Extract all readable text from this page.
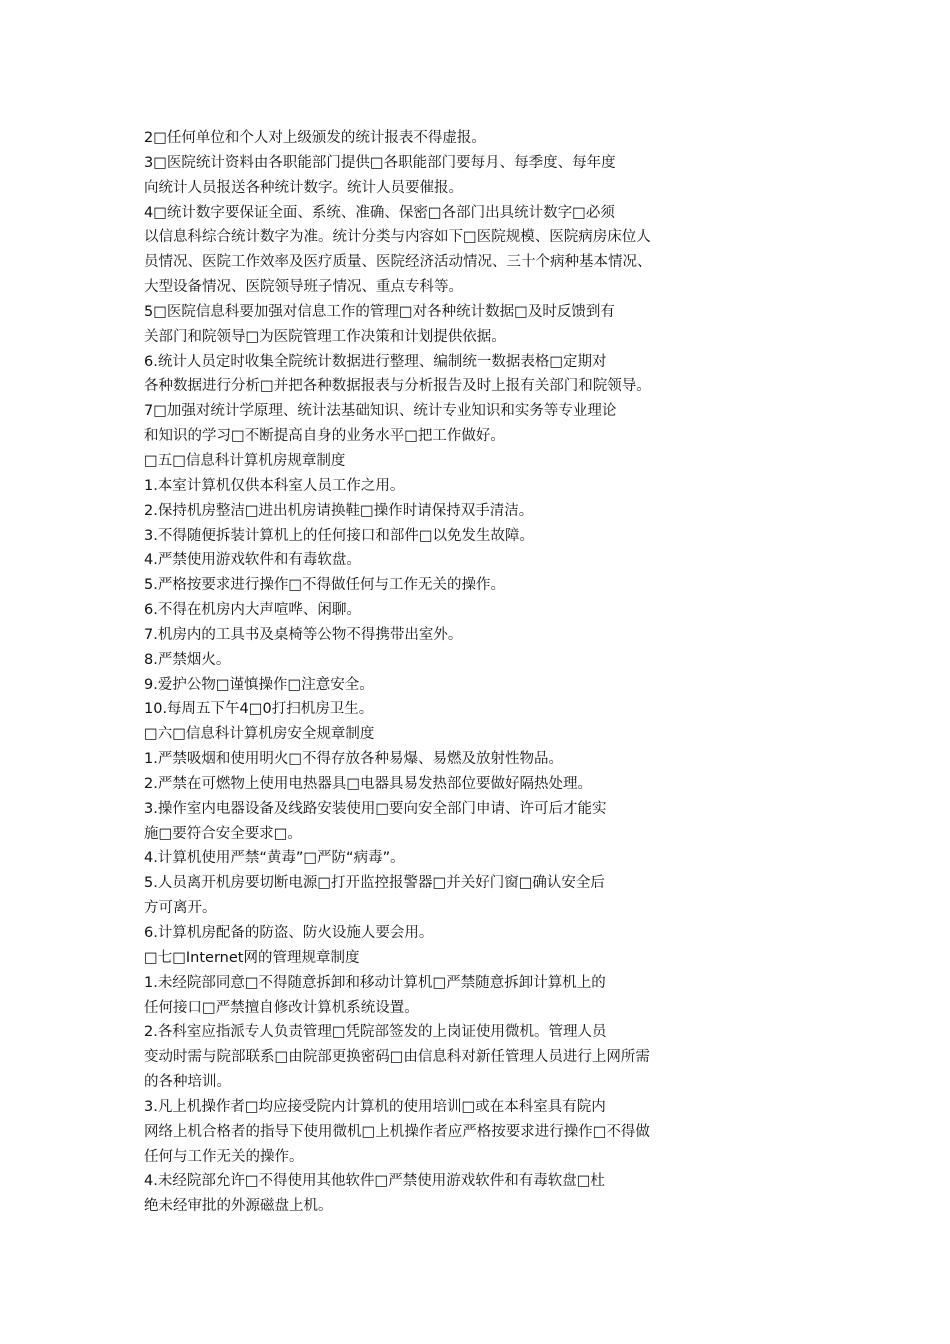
2□任何单位和个人对上级颁发的统计报表不得虚报。
3□医院统计资料由各职能部门提供□各职能部门要每月、每季度、每年度
向统计人员报送各种统计数字。统计人员要催报。
4□统计数字要保证全面、系统、准确、保密□各部门出具统计数字□必须
以信息科综合统计数字为准。统计分类与内容如下□医院规模、医院病房床位人
员情况、医院工作效率及医疗质量、医院经济活动情况、三十个病种基本情况、
大型设备情况、医院领导班子情况、重点专科等。
5□医院信息科要加强对信息工作的管理□对各种统计数据□及时反馈到有
关部门和院领导□为医院管理工作决策和计划提供依据。
6.统计人员定时收集全院统计数据进行整理、编制统一数据表格□定期对
各种数据进行分析□并把各种数据报表与分析报告及时上报有关部门和院领导。
7□加强对统计学原理、统计法基础知识、统计专业知识和实务等专业理论
和知识的学习□不断提高自身的业务水平□把工作做好。
□五□信息科计算机房规章制度
1.本室计算机仅供本科室人员工作之用。
2.保持机房整洁□进出机房请换鞋□操作时请保持双手清洁。
3.不得随便拆装计算机上的任何接口和部件□以免发生故障。
4.严禁使用游戏软件和有毒软盘。
5.严格按要求进行操作□不得做任何与工作无关的操作。
6.不得在机房内大声喧哗、闲聊。
7.机房内的工具书及桌椅等公物不得携带出室外。
8.严禁烟火。
9.爱护公物□谨慎操作□注意安全。
10.每周五下午4□0打扫机房卫生。
□六□信息科计算机房安全规章制度
1.严禁吸烟和使用明火□不得存放各种易爆、易燃及放射性物品。
2.严禁在可燃物上使用电热器具□电器具易发热部位要做好隔热处理。
3.操作室内电器设备及线路安装使用□要向安全部门申请、许可后才能实
施□要符合安全要求□。
4.计算机使用严禁“黄毒”□严防“病毒”。
5.人员离开机房要切断电源□打开监控报警器□并关好门窗□确认安全后
方可离开。
6.计算机房配备的防盗、防火设施人要会用。
□七□Internet网的管理规章制度
1.未经院部同意□不得随意拆卸和移动计算机□严禁随意拆卸计算机上的
任何接口□严禁擅自修改计算机系统设置。
2.各科室应指派专人负责管理□凭院部签发的上岗证使用微机。管理人员
变动时需与院部联系□由院部更换密码□由信息科对新任管理人员进行上网所需
的各种培训。
3.凡上机操作者□均应接受院内计算机的使用培训□或在本科室具有院内
网络上机合格者的指导下使用微机□上机操作者应严格按要求进行操作□不得做
任何与工作无关的操作。
4.未经院部允许□不得使用其他软件□严禁使用游戏软件和有毒软盘□杜
绝未经审批的外源磁盘上机。
